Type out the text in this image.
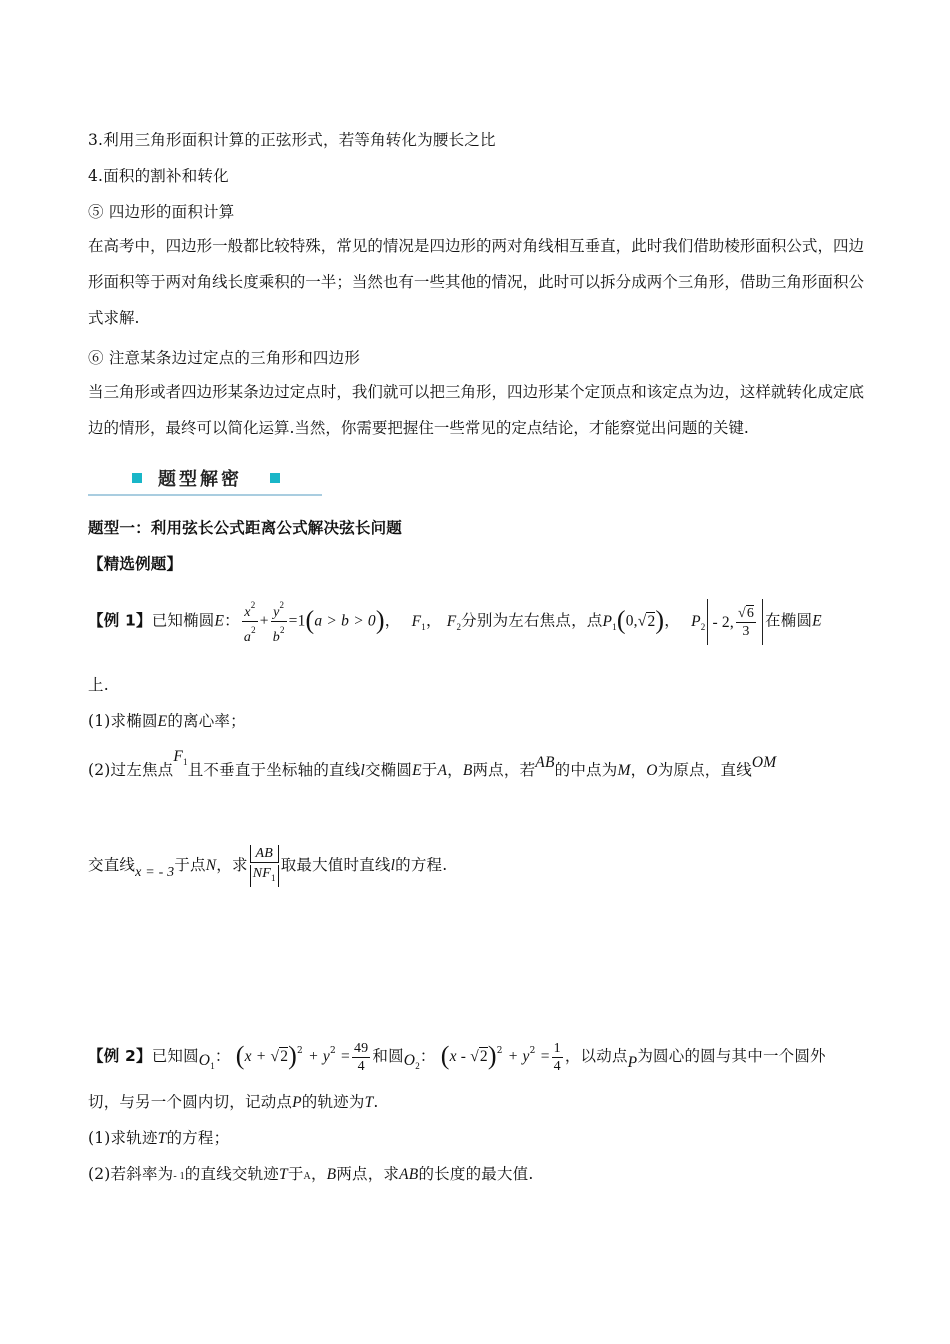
3.利用三角形面积计算的正弦形式，若等角转化为腰长之比
4.面积的割补和转化
⑤ 四边形的面积计算
在高考中，四边形一般都比较特殊，常见的情况是四边形的两对角线相互垂直，此时我们借助棱形面积公式，四边形面积等于两对角线长度乘积的一半；当然也有一些其他的情况，此时可以拆分成两个三角形，借助三角形面积公式求解.
⑥ 注意某条边过定点的三角形和四边形
当三角形或者四边形某条边过定点时，我们就可以把三角形，四边形某个定顶点和该定点为边，这样就转化成定底边的情形，最终可以简化运算.当然，你需要把握住一些常见的定点结论，才能察觉出问题的关键.
题型解密
题型一：利用弦长公式距离公式解决弦长问题
【精选例题】
【例 1】已知椭圆E： $\frac{x^2}{a^2} + \frac{y^2}{b^2} =1(a > b > 0)$， $F_1$， $F_2$分别为左右焦点，点$P_1(0,√2)$， $P_2 - 2$, $\frac{√6}{3}$ 在椭圆E
上.
(1)求椭圆E的离心率；
(2)过左焦点$F_1$且不垂直于坐标轴的直线l交椭圆E于A，B两点，若AB的中点为M，O为原点，直线OM
交直线x = - 3于点N，求 $\frac{AB}{NF_1}$ 取最大值时直线l的方程.
【例 2】已知圆$O_1$： $(x + √2)^2 + y^2 = \frac{49}{4}$ 和圆$O_2$： $(x - √2)^2 + y^2 = \frac{1}{4}$ ，以动点P为圆心的圆与其中一个圆外
切，与另一个圆内切，记动点P的轨迹为T.
(1)求轨迹T的方程；
(2)若斜率为- 1的直线交轨迹T于A，B两点，求AB的长度的最大值.
